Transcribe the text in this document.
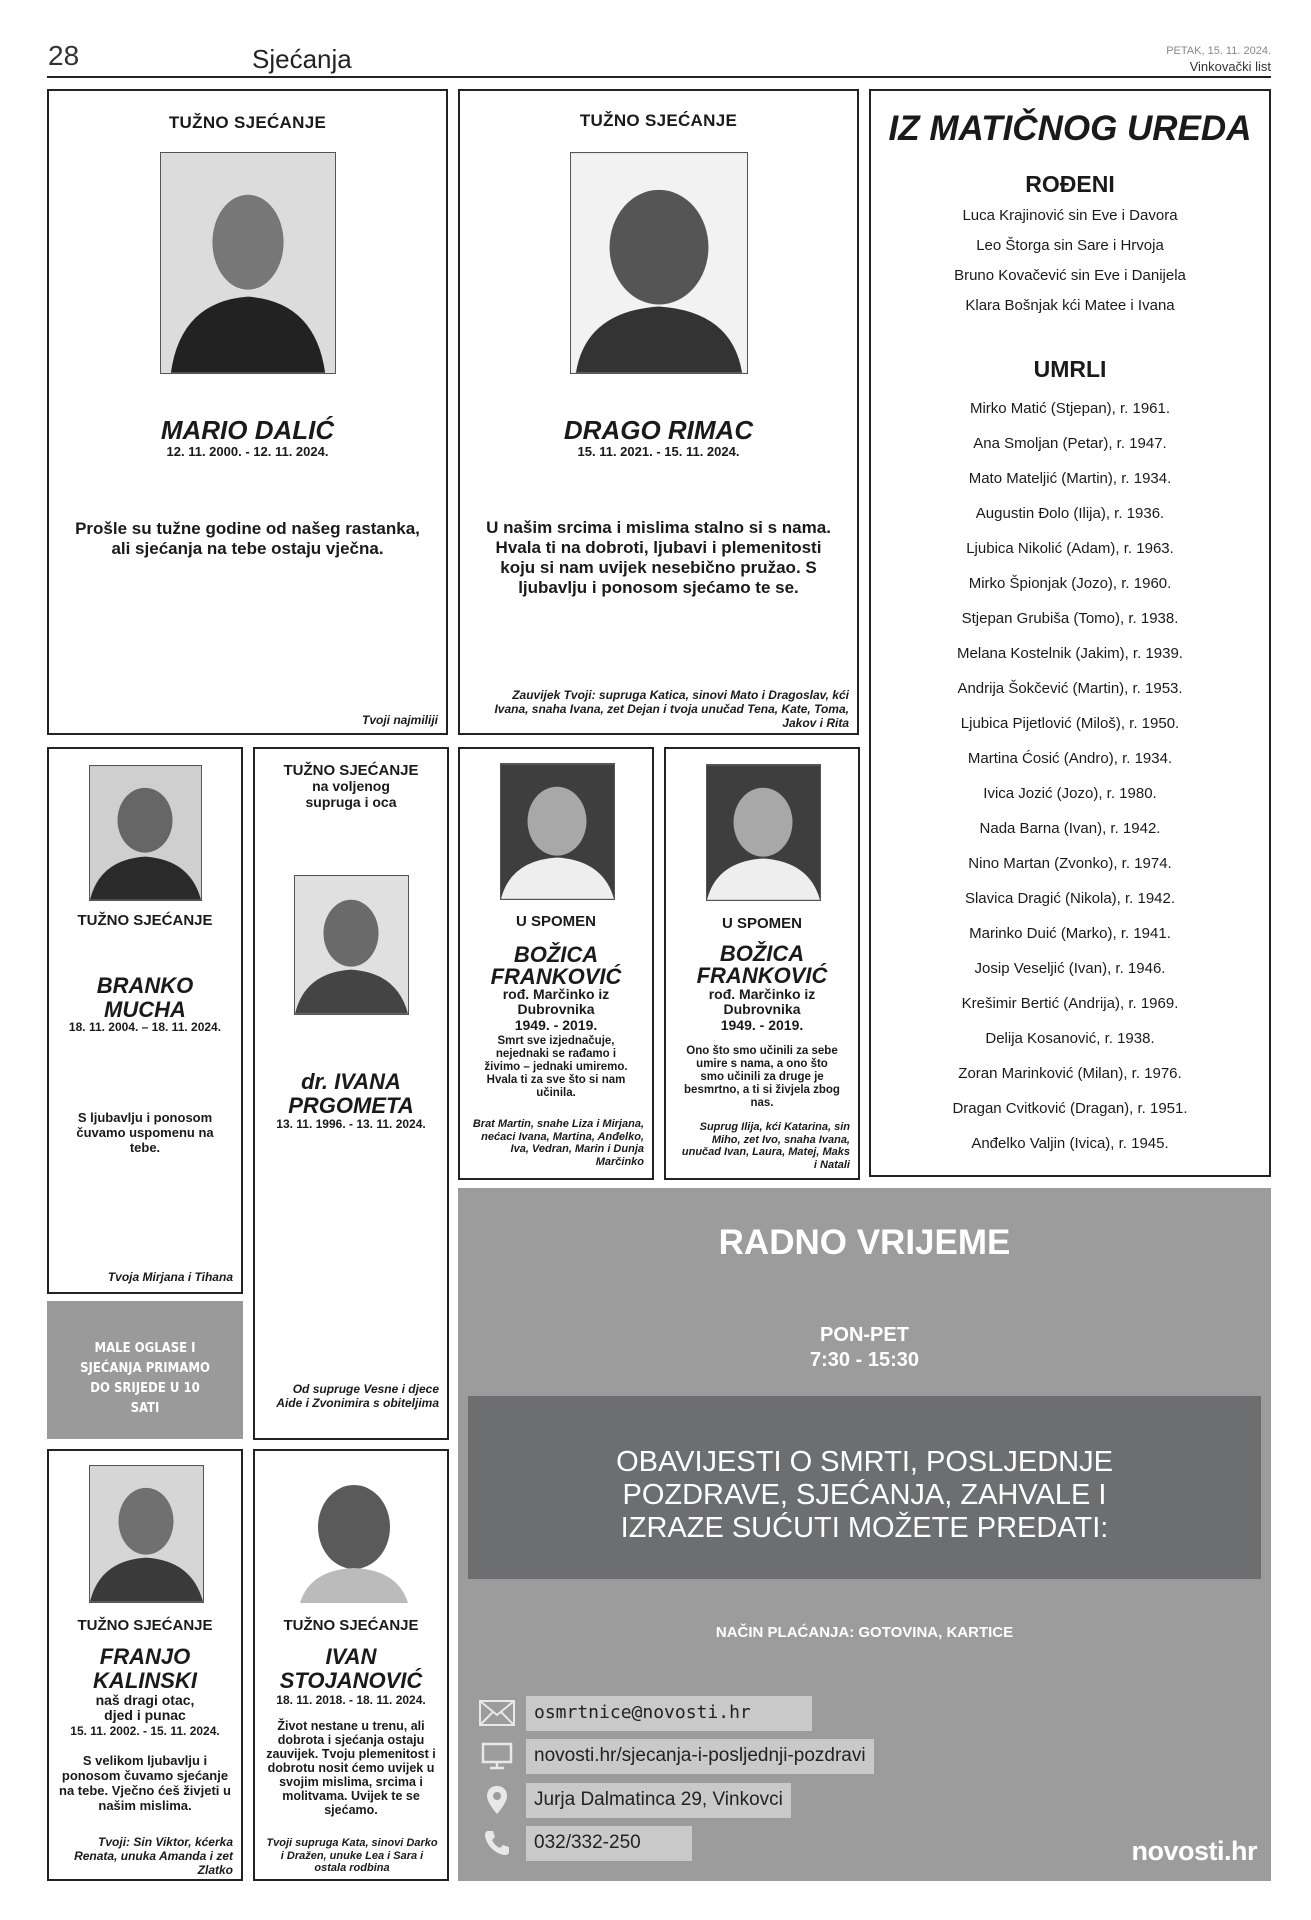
28	Sjećanja	PETAK, 15. 11. 2024.
Vinkovački list
TUŽNO SJEĆANJE
MARIO DALIĆ
12. 11. 2000. - 12. 11. 2024.
Prošle su tužne godine od našeg rastanka, ali sjećanja na tebe ostaju vječna.
Tvoji najmiliji
TUŽNO SJEĆANJE
DRAGO RIMAC
15. 11. 2021. - 15. 11. 2024.
U našim srcima i mislima stalno si s nama. Hvala ti na dobroti, ljubavi i plemenitosti koju si nam uvijek nesebično pružao. S ljubavlju i ponosom sjećamo te se.
Zauvijek Tvoji: supruga Katica, sinovi Mato i Dragoslav, kći Ivana, snaha Ivana, zet Dejan i tvoja unučad Tena, Kate, Toma, Jakov i Rita
IZ MATIČNOG UREDA
ROĐENI
Luca Krajinović sin Eve i Davora
Leo Štorga sin Sare i Hrvoja
Bruno Kovačević sin Eve i Danijela
Klara Bošnjak kći Matee i Ivana
UMRLI
Mirko Matić (Stjepan), r. 1961.
Ana Smoljan (Petar), r. 1947.
Mato Mateljić (Martin), r. 1934.
Augustin Đolo (Ilija), r. 1936.
Ljubica Nikolić (Adam), r. 1963.
Mirko Špionjak (Jozo), r. 1960.
Stjepan Grubiša (Tomo), r. 1938.
Melana Kostelnik (Jakim), r. 1939.
Andrija Šokčević (Martin), r. 1953.
Ljubica Pijetlović (Miloš), r. 1950.
Martina Ćosić (Andro), r. 1934.
Ivica Jozić (Jozo), r. 1980.
Nada Barna (Ivan), r. 1942.
Nino Martan (Zvonko), r. 1974.
Slavica Dragić (Nikola), r. 1942.
Marinko Duić (Marko), r. 1941.
Josip Veseljić (Ivan), r. 1946.
Krešimir Bertić (Andrija), r. 1969.
Delija Kosanović, r. 1938.
Zoran Marinković (Milan), r. 1976.
Dragan Cvitković (Dragan), r. 1951.
Anđelko Valjin (Ivica), r. 1945.
TUŽNO SJEĆANJE
BRANKO MUCHA
18. 11. 2004. – 18. 11. 2024.
S ljubavlju i ponosom čuvamo uspomenu na tebe.
Tvoja Mirjana i Tihana
TUŽNO SJEĆANJE
na voljenog supruga i oca
dr. IVANA PRGOMETA
13. 11. 1996. - 13. 11. 2024.
Od supruge Vesne i djece Aide i Zvonimira s obiteljima
U SPOMEN
BOŽICA FRANKOVIĆ
rođ. Marčinko iz Dubrovnika
1949. - 2019.
Smrt sve izjednačuje, nejednaki se rađamo i živimo – jednaki umiremo. Hvala ti za sve što si nam učinila.
Brat Martin, snahe Liza i Mirjana, nećaci Ivana, Martina, Anđelko, Iva, Vedran, Marin i Dunja Marčinko
U SPOMEN
BOŽICA FRANKOVIĆ
rođ. Marčinko iz Dubrovnika
1949. - 2019.
Ono što smo učinili za sebe umire s nama, a ono što smo učinili za druge je besmrtno, a ti si živjela zbog nas.
Suprug Ilija, kći Katarina, sin Miho, zet Ivo, snaha Ivana, unučad Ivan, Laura, Matej, Maks i Natali
MALE OGLASE I SJEĆANJA PRIMAMO DO SRIJEDE U 10 SATI
TUŽNO SJEĆANJE
FRANJO KALINSKI
naš dragi otac, djed i punac
15. 11. 2002. - 15. 11. 2024.
S velikom ljubavlju i ponosom čuvamo sjećanje na tebe. Vječno ćeš živjeti u našim mislima.
Tvoji: Sin Viktor, kćerka Renata, unuka Amanda i zet Zlatko
TUŽNO SJEĆANJE
IVAN STOJANOVIĆ
18. 11. 2018. - 18. 11. 2024.
Život nestane u trenu, ali dobrota i sjećanja ostaju zauvijek. Tvoju plemenitost i dobrotu nosit ćemo uvijek u svojim mislima, srcima i molitvama. Uvijek te se sjećamo.
Tvoji supruga Kata, sinovi Darko i Dražen, unuke Lea i Sara i ostala rodbina
RADNO VRIJEME
PON-PET
7:30 - 15:30
OBAVIJESTI O SMRTI, POSLJEDNJE POZDRAVE, SJEĆANJA, ZAHVALE I IZRAZE SUĆUTI MOŽETE PREDATI:
NAČIN PLAĆANJA: GOTOVINA, KARTICE
osmrtnice@novosti.hr
novosti.hr/sjecanja-i-posljednji-pozdravi
Jurja Dalmatinca 29, Vinkovci
032/332-250	novosti.hr
